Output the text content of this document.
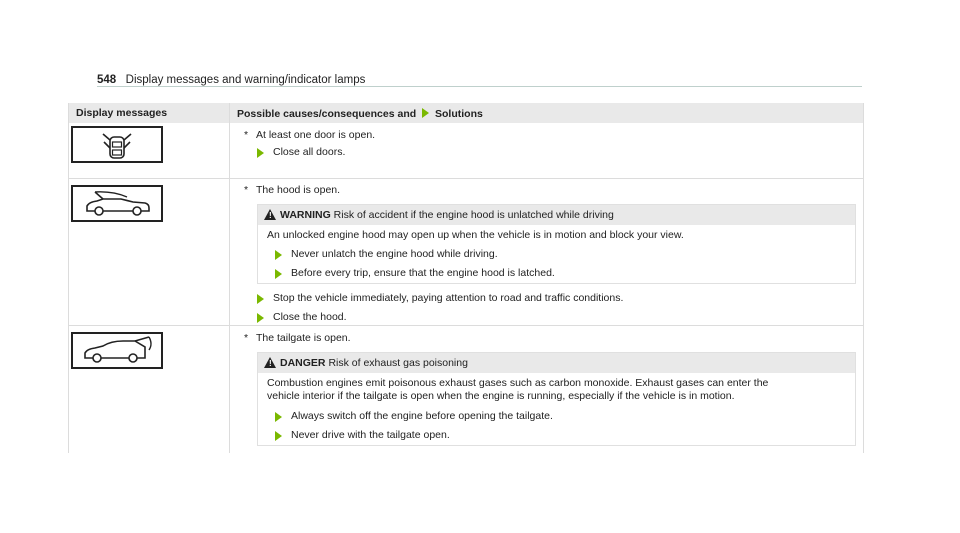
548 Display messages and warning/indicator lamps
Display messages	Possible causes/consequences and Solutions
* At least one door is open.
Close all doors.
* The hood is open.
! WARNING Risk of accident if the engine hood is unlatched while driving
An unlocked engine hood may open up when the vehicle is in motion and block your view.
Never unlatch the engine hood while driving.
Before every trip, ensure that the engine hood is latched.
Stop the vehicle immediately, paying attention to road and traffic conditions.
Close the hood.
* The tailgate is open.
! DANGER Risk of exhaust gas poisoning
Combustion engines emit poisonous exhaust gases such as carbon monoxide. Exhaust gases can enter the
vehicle interior if the tailgate is open when the engine is running, especially if the vehicle is in motion.
Always switch off the engine before opening the tailgate.
Never drive with the tailgate open.
